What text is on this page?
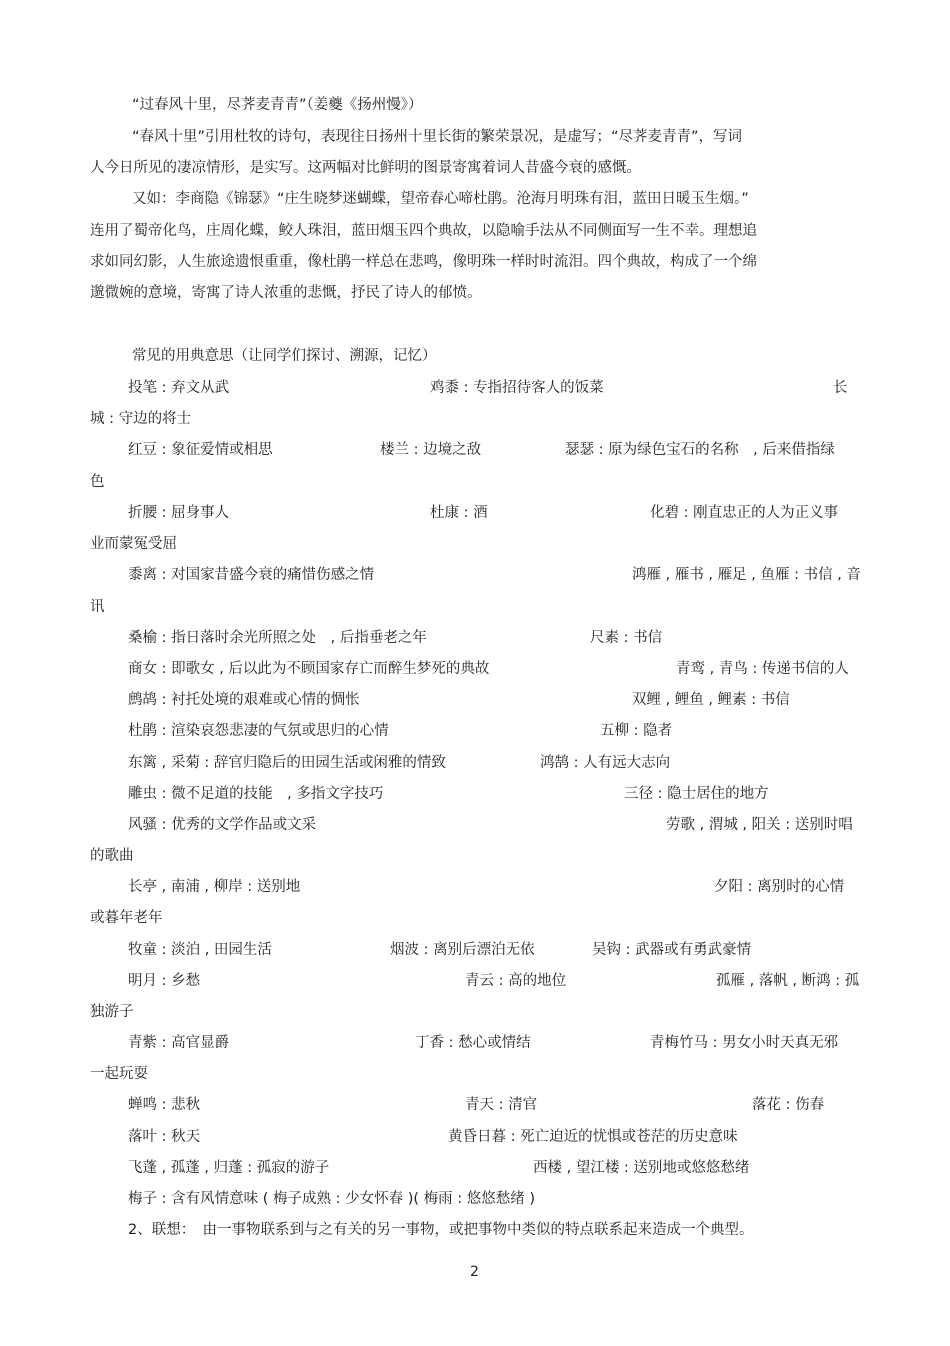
“过春风十里，尽荠麦青青”（姜夔《扬州慢》）
“春风十里”引用杜牧的诗句，表现往日扬州十里长街的繁荣景况，是虚写；“尽荠麦青青”，写词
人今日所见的凄凉情形，是实写。这两幅对比鲜明的图景寄寓着词人昔盛今衰的感慨。
又如：李商隐《锦瑟》“庄生晓梦迷蝴蝶，望帝春心啼杜鹃。沧海月明珠有泪，蓝田日暖玉生烟。”
连用了蜀帝化鸟，庄周化蝶，鲛人珠泪，蓝田烟玉四个典故，以隐喻手法从不同侧面写一生不幸。理想追
求如同幻影，人生旅途遗恨重重，像杜鹃一样总在悲鸣，像明珠一样时时流泪。四个典故，构成了一个绵
邈微婉的意境，寄寓了诗人浓重的悲慨，抒民了诗人的郁愤。
常见的用典意思（让同学们探讨、溯源，记忆）
投笔 : 弃文从武	鸡黍 : 专指招待客人的饭菜	长
城 : 守边的将士
红豆 : 象征爱情或相思	楼兰 : 边境之敌	瑟瑟 : 原为绿色宝石的名称　, 后来借指绿
色
折腰 : 屈身事人	杜康 : 酒	化碧 : 刚直忠正的人为正义事
业而蒙冤受屈
黍离 : 对国家昔盛今衰的痛惜伤感之情	鸿雁 , 雁书 , 雁足 , 鱼雁 : 书信 , 音
讯
桑榆 : 指日落时余光所照之处　, 后指垂老之年	尺素 : 书信
商女 : 即歌女 , 后以此为不顾国家存亡而醉生梦死的典故	青鸾 , 青鸟 : 传递书信的人
鹧鸪 : 衬托处境的艰难或心情的惆怅	双鲤 , 鲤鱼 , 鲤素 : 书信
杜鹃 : 渲染哀怨悲凄的气氛或思归的心情	五柳 : 隐者
东篱 , 采菊 : 辞官归隐后的田园生活或闲雅的情致	鸿鹄 : 人有远大志向
雕虫 : 微不足道的技能　, 多指文字技巧	三径 : 隐士居住的地方
风骚 : 优秀的文学作品或文采	劳歌 , 渭城 , 阳关 : 送别时唱
的歌曲
长亭 , 南浦 , 柳岸 : 送别地	夕阳 : 离别时的心情
或暮年老年
牧童 : 淡泊 , 田园生活	烟波 : 离别后漂泊无依	吴钩 : 武器或有勇武豪情
明月 : 乡愁	青云 : 高的地位	孤雁 , 落帆 , 断鸿 : 孤
独游子
青紫 : 高官显爵	丁香 : 愁心或情结	青梅竹马 : 男女小时天真无邪
一起玩耍
蝉鸣 : 悲秋	青天 : 清官	落花 : 伤春
落叶 : 秋天	黄昏日暮 : 死亡迫近的忧惧或苍茫的历史意味
飞蓬 , 孤蓬 , 归蓬 : 孤寂的游子	西楼 , 望江楼 : 送别地或悠悠愁绪
梅子 : 含有风情意味 ( 梅子成熟 : 少女怀春 )( 梅雨 : 悠悠愁绪 )
2、联想：　由一事物联系到与之有关的另一事物，或把事物中类似的特点联系起来造成一个典型。
2
